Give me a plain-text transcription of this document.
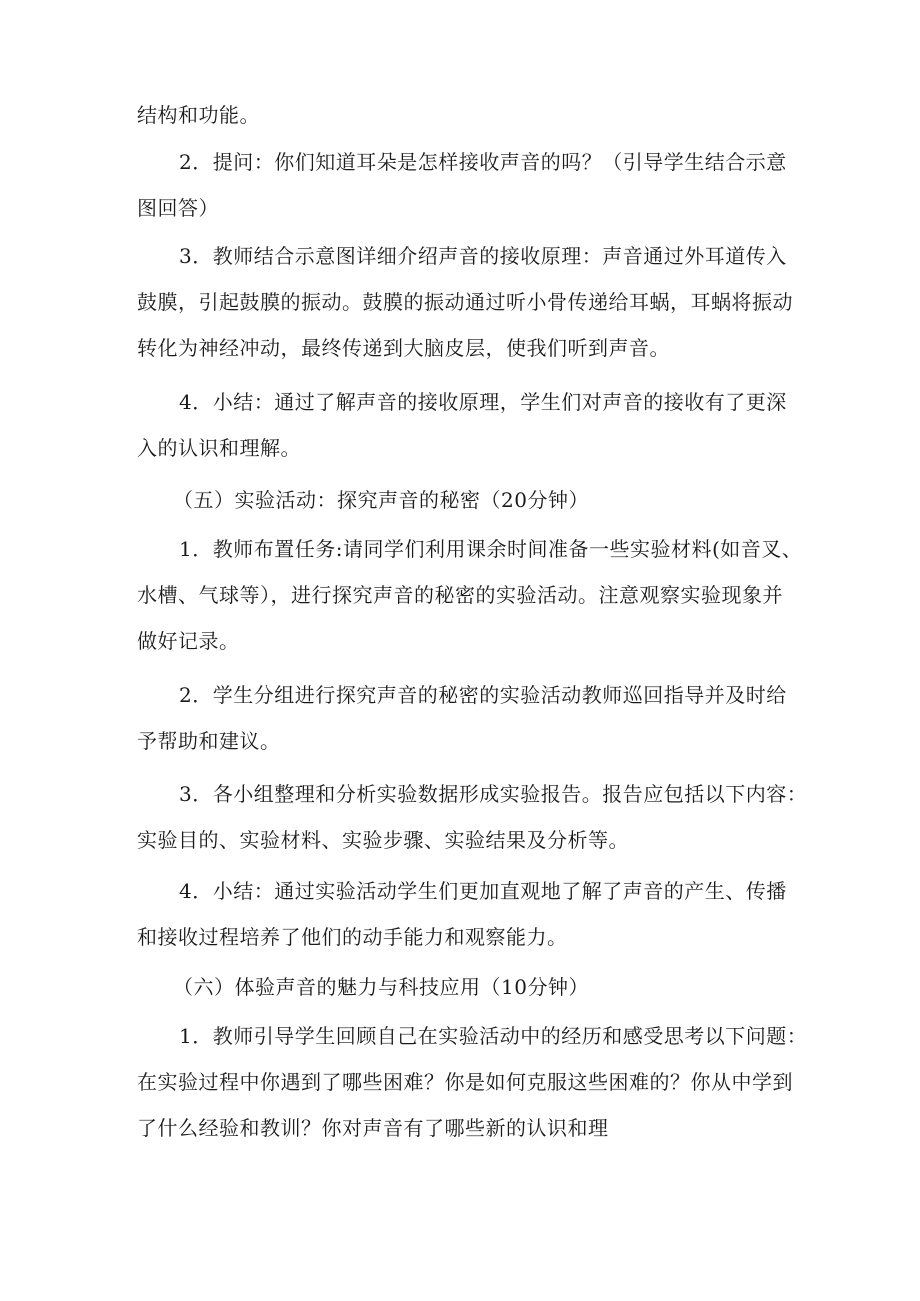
结构和功能。

2．提问：你们知道耳朵是怎样接收声音的吗？（引导学生结合示意
图回答）

3．教师结合示意图详细介绍声音的接收原理：声音通过外耳道传入
鼓膜，引起鼓膜的振动。鼓膜的振动通过听小骨传递给耳蜗，耳蜗将振动
转化为神经冲动，最终传递到大脑皮层，使我们听到声音。

4．小结：通过了解声音的接收原理，学生们对声音的接收有了更深
入的认识和理解。

（五）实验活动：探究声音的秘密（20分钟）

1．教师布置任务:请同学们利用课余时间准备一些实验材料(如音叉、
水槽、气球等），进行探究声音的秘密的实验活动。注意观察实验现象并
做好记录。

2．学生分组进行探究声音的秘密的实验活动教师巡回指导并及时给
予帮助和建议。

3．各小组整理和分析实验数据形成实验报告。报告应包括以下内容：
实验目的、实验材料、实验步骤、实验结果及分析等。

4．小结：通过实验活动学生们更加直观地了解了声音的产生、传播
和接收过程培养了他们的动手能力和观察能力。

（六）体验声音的魅力与科技应用（10分钟）

1．教师引导学生回顾自己在实验活动中的经历和感受思考以下问题：
在实验过程中你遇到了哪些困难？你是如何克服这些困难的？你从中学到
了什么经验和教训？你对声音有了哪些新的认识和理
